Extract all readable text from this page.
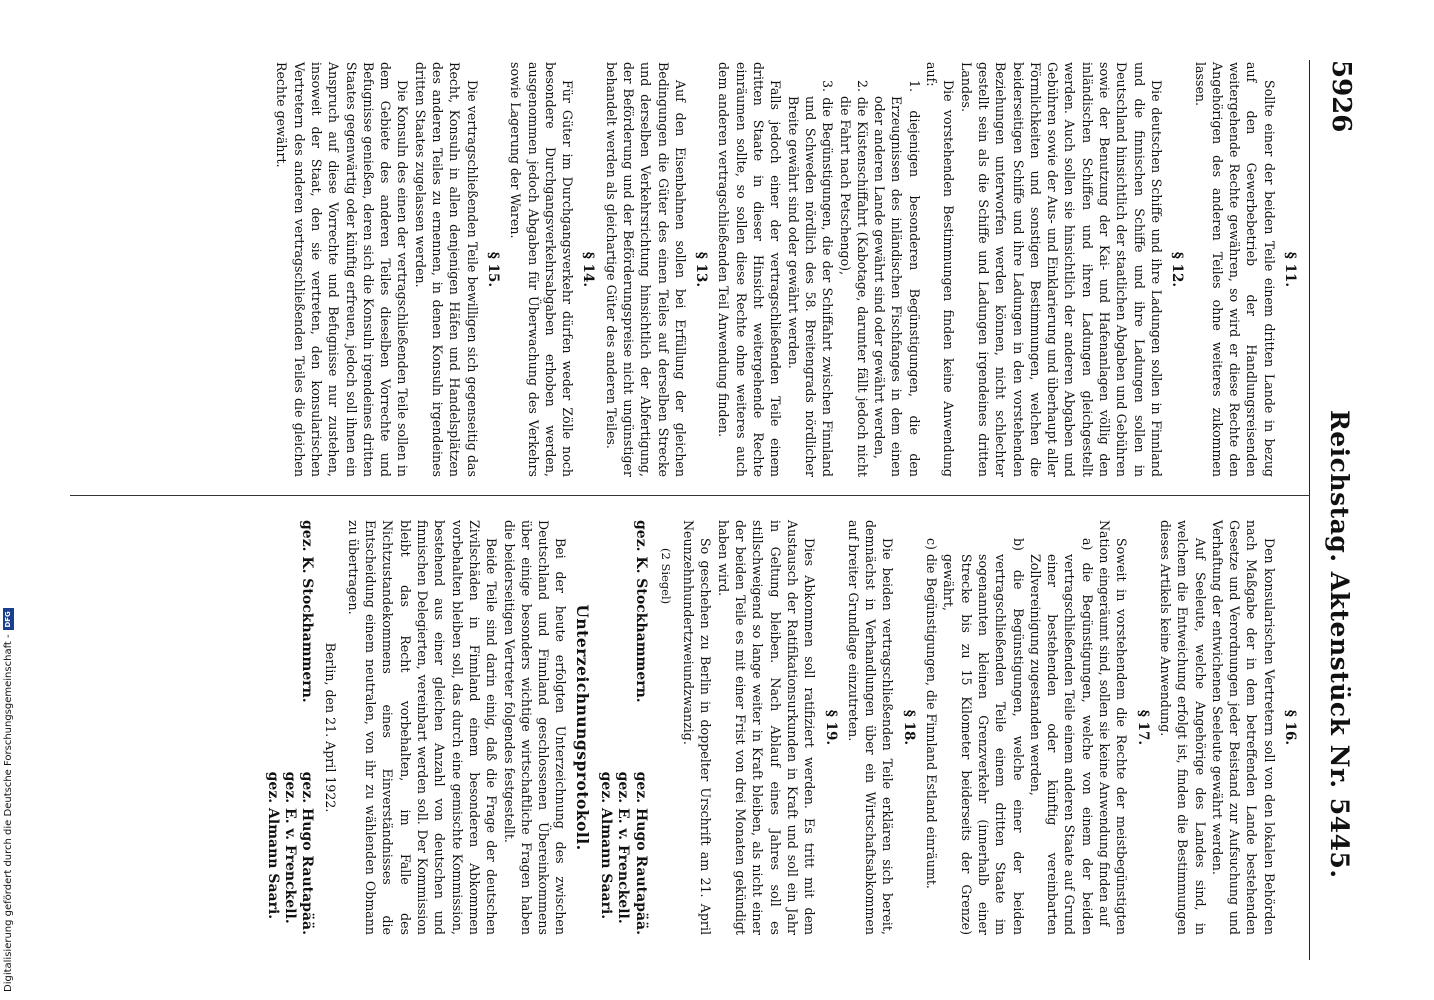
5926
Reichstag. Aktenstück Nr. 5445.

§ 11.

Sollte einer der beiden Teile einem dritten Lande in bezug auf den Gewerbebetrieb der Handlungsreisenden weitergehende Rechte gewähren, so wird er diese Rechte den Angehörigen des anderen Teiles ohne weiteres zukommen lassen.

§ 12.

Die deutschen Schiffe und ihre Ladungen sollen in Finnland und die finnischen Schiffe und ihre Ladungen sollen in Deutschland hinsichtlich der staatlichen Abgaben und Gebühren sowie der Benutzung der Kai- und Hafenanlagen völlig den inländischen Schiffen und ihren Ladungen gleichgestellt werden. Auch sollen sie hinsichtlich der anderen Abgaben und Gebühren sowie der Aus- und Einklarierung und überhaupt aller Förmlichkeiten und sonstigen Bestimmungen, welchen die beiderseitigen Schiffe und ihre Ladungen in den vorstehenden Beziehungen unterworfen werden können, nicht schlechter gestellt sein als die Schiffe und Ladungen irgendeines dritten Landes.

Die vorstehenden Bestimmungen finden keine Anwendung auf:

1. diejenigen besonderen Begünstigungen, die den Erzeugnissen des inländischen Fischfanges in dem einen oder anderen Lande gewährt sind oder gewährt werden,

2. die Küstenschiffahrt (Kabotage, darunter fällt jedoch nicht die Fahrt nach Petschengo),

3. die Begünstigungen, die der Schiffahrt zwischen Finnland und Schweden nördlich des 58. Breitengrads nördlicher Breite gewährt sind oder gewährt werden.

Falls jedoch einer der vertragschließenden Teile einem dritten Staate in dieser Hinsicht weitergehende Rechte einräumen sollte, so sollen diese Rechte ohne weiteres auch dem anderen vertragschließenden Teil Anwendung finden.

§ 13.

Auf den Eisenbahnen sollen bei Erfüllung der gleichen Bedingungen die Güter des einen Teiles auf derselben Strecke und derselben Verkehrsrichtung hinsichtlich der Abfertigung, der Beförderung und der Beförderungspreise nicht ungünstiger behandelt werden als gleichartige Güter des anderen Teiles.

§ 14.

Für Güter im Durchgangsverkehr dürfen weder Zölle noch besondere Durchgangsverkehrsabgaben erhoben werden, ausgenommen jedoch Abgaben für Überwachung des Verkehrs sowie Lagerung der Waren.

§ 15.

Die vertragschließenden Teile bewilligen sich gegenseitig das Recht, Konsuln in allen denjenigen Häfen und Handelsplätzen des anderen Teiles zu ernennen, in denen Konsuln irgendeines dritten Staates zugelassen werden.

Die Konsuln des einen der vertragschließenden Teile sollen in dem Gebiete des anderen Teiles dieselben Vorrechte und Befugnisse genießen, deren sich die Konsuln irgendeines dritten Staates gegenwärtig oder künftig erfreuen, jedoch soll ihnen ein Anspruch auf diese Vorrechte und Befugnisse nur zustehen, insoweit der Staat, den sie vertreten, den konsularischen Vertretern des anderen vertragschließenden Teiles die gleichen Rechte gewährt.

§ 16.

Den konsularischen Vertretern soll von den lokalen Behörden nach Maßgabe der in dem betreffenden Lande bestehenden Gesetze und Verordnungen jeder Beistand zur Aufsuchung und Verhaftung der entwichenen Seeleute gewährt werden.

Auf Seeleute, welche Angehörige des Landes sind, in welchem die Entweichung erfolgt ist, finden die Bestimmungen dieses Artikels keine Anwendung.

§ 17.

Soweit in vorstehendem die Rechte der meistbegünstigten Nation eingeräumt sind, sollen sie keine Anwendung finden auf

a) die Begünstigungen, welche von einem der beiden vertragschließenden Teile einem anderen Staate auf Grund einer bestehenden oder künftig vereinbarten Zollvereinigung zugestanden werden,

b) die Begünstigungen, welche einer der beiden vertragschließenden Teile einem dritten Staate im sogenannten kleinen Grenzverkehr (innerhalb einer Strecke bis zu 15 Kilometer beiderseits der Grenze) gewährt,

c) die Begünstigungen, die Finnland Estland einräumt.

§ 18.

Die beiden vertragschließenden Teile erklären sich bereit, demnächst in Verhandlungen über ein Wirtschaftsabkommen auf breiter Grundlage einzutreten.

§ 19.

Dies Abkommen soll ratifiziert werden. Es tritt mit dem Austausch der Ratifikationsurkunden in Kraft und soll ein Jahr in Geltung bleiben. Nach Ablauf eines Jahres soll es stillschweigend so lange weiter in Kraft bleiben, als nicht einer der beiden Teile es mit einer Frist von drei Monaten gekündigt haben wird.

So geschehen zu Berlin in doppelter Urschrift am 21. April Neunzehnhundertzweiundzwanzig.

(2 Siegel)

gez. K. Stockhammern.

gez. Hugo Rautapää.

gez. E. v. Frenckell.

gez. Almann Saari.

Unterzeichnungsprotokoll.

Bei der heute erfolgten Unterzeichnung des zwischen Deutschland und Finnland geschlossenen Übereinkommens über einige besonders wichtige wirtschaftliche Fragen haben die beiderseitigen Vertreter folgendes festgestellt.

Beide Teile sind darin einig, daß die Frage der deutschen Zivilschäden in Finnland einem besonderen Abkommen vorbehalten bleiben soll, das durch eine gemischte Kommission, bestehend aus einer gleichen Anzahl von deutschen und finnischen Delegierten, vereinbart werden soll. Der Kommission bleibt das Recht vorbehalten, im Falle des Nichtzustandekommens eines Einverständnisses die Entscheidung einem neutralen, von ihr zu wählenden Obmann zu übertragen.

Berlin, den 21. April 1922.

gez. K. Stockhammern.

gez. Hugo Rautapää.

gez. E. v. Frenckell.

gez. Almann Saari.

Digitalisierung gefördert durch die Deutsche Forschungsgemeinschaft -
DFG
